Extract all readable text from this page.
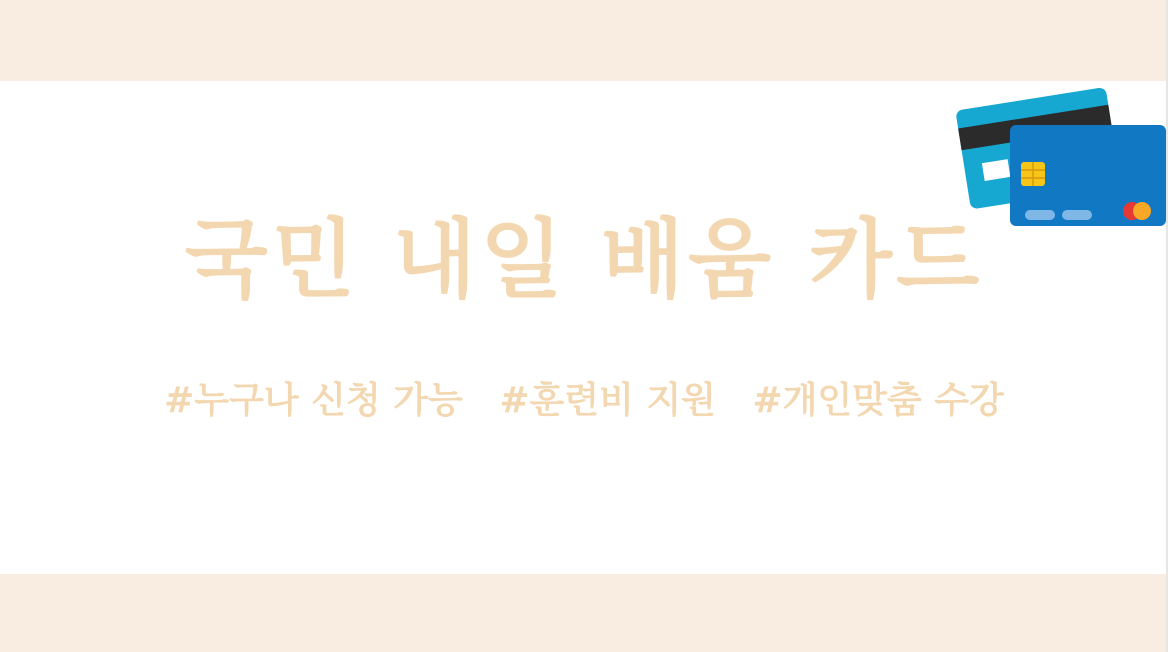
국민 내일 배움 카드
#누구나 신청 가능 #훈련비 지원 #개인맞춤 수강
